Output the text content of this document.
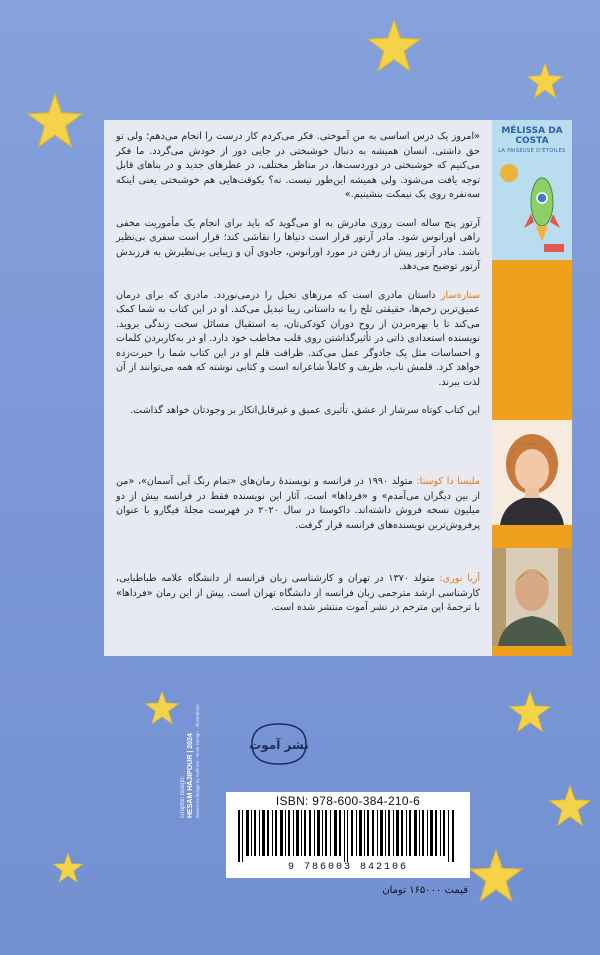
«امروز یک درس اساسی به من آموختی. فکر می‌کردم کار درست را انجام می‌دهم؛ ولی تو حق داشتی. انسان همیشه به دنبال خوشبختی در جایی دور از خودش می‌گردد. ما فکر می‌کنیم که خوشبختی در دوردست‌ها، در مناظر مختلف، در عطرهای جدید و در بناهای قابل توجه یافت می‌شود. ولی همیشه این‌طور نیست. نه؟ یکوقت‌هایی هم خوشبختی یعنی اینکه سه‌نفره روی یک نیمکت بنشینیم.»

آرتور پنج ساله است روزی مادرش به او می‌گوید که باید برای انجام یک مأموریت مخفی راهی اورانوس شود. مادر آرتور قرار است دنیاها را نقاشی کند؛ قرار است سفری بی‌نظیر باشد. مادر آرتور پیش از رفتن در مورد اورانوس، جادوی آن و زیبایی بی‌نظیرش به فرزندش آرتور توضیح می‌دهد.

ستاره‌ساز داستان مادری است که مرزهای تخیل را درمی‌نوردد. مادری که برای درمان عمیق‌ترین زخم‌ها، حقیقتی تلخ را به داستانی زیبا تبدیل می‌کند. او در این کتاب به شما کمک می‌کند تا با بهره‌بردن از روح دوران کودکی‌تان، به استقبال مسائل سخت زندگی بروید. نویسنده استعدادی ذاتی در تأثیرگذاشتن روی قلب مخاطب خود دارد. او در به‌کاربردن کلمات و احساسات مثل یک جادوگر عمل می‌کند. ظرافت قلم او در این کتاب شما را حیرت‌زده خواهد کرد. قلمش ناب، ظریف و کاملاً شاعرانه است و کتابی نوشته که همه می‌توانند از آن لذت ببرند.

این کتاب کوتاه سرشار از عشق، تأثیری عمیق و غیرقابل‌انکار بر وجودتان خواهد گذاشت.

ملیسا دا کوستا: متولد ۱۹۹۰ در فرانسه و نویسندهٔ رمان‌های «تمام رنگ آبی آسمان»، «من از بین دیگران می‌آمدم» و «فرداها» است. آثار این نویسنده فقط در فرانسه بیش از دو میلیون نسخه فروش داشته‌اند. داکوستا در سال ۲۰۲۰ در فهرست مجلهٔ فیگارو با عنوان پرفروش‌ترین نویسنده‌های فرانسه قرار گرفت.
آریا نوری: متولد ۱۳۷۰ در تهران و کارشناسی زبان فرانسه از دانشگاه علامه طباطبایی، کارشناسی ارشد مترجمی زبان فرانسه از دانشگاه تهران است. پیش از این رمان «فرداها» با ترجمهٔ این مترجم در نشر آموت منتشر شده است.
MÉLISSA DA COSTA
LA FAISEUSE D'ÉTOILES
نشر آموت
Graphic design: HESAM HAJIPOUR | 2024 Based on design by Audi Ant · Book Design · Illustrations	ISBN: 978-600-384-210-6
9 786003 842106
قیمت ۱۶۵۰۰۰ تومان
